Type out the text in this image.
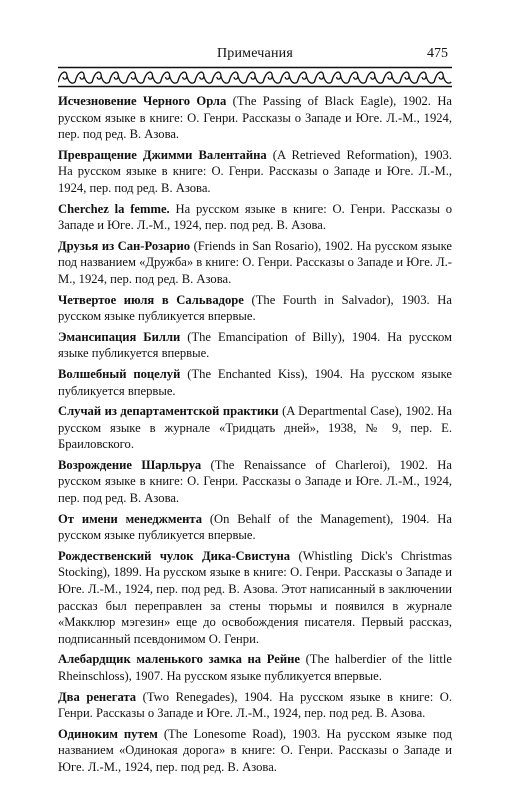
Примечания	475

Исчезновение Черного Орла (The Passing of Black Eagle), 1902. На русском языке в книге: О. Генри. Рассказы о Западе и Юге. Л.-М., 1924, пер. под ред. В. Азова.

Превращение Джимми Валентайна (A Retrieved Reformation), 1903. На русском языке в книге: О. Генри. Рассказы о Западе и Юге. Л.-М., 1924, пер. под ред. В. Азова.

Cherchez la femme. На русском языке в книге: О. Генри. Рассказы о Западе и Юге. Л.-М., 1924, пер. под ред. В. Азова.

Друзья из Сан-Розарио (Friends in San Rosario), 1902. На русском языке под названием «Дружба» в книге: О. Генри. Рассказы о Западе и Юге. Л.-М., 1924, пер. под ред. В. Азова.

Четвертое июля в Сальвадоре (The Fourth in Salvador), 1903. На русском языке публикуется впервые.

Эмансипация Билли (The Emancipation of Billy), 1904. На русском языке публикуется впервые.

Волшебный поцелуй (The Enchanted Kiss), 1904. На русском языке публикуется впервые.

Случай из департаментской практики (A Departmental Case), 1902. На русском языке в журнале «Тридцать дней», 1938, № 9, пер. Е. Браиловского.

Возрождение Шарльруа (The Renaissance of Charleroi), 1902. На русском языке в книге: О. Генри. Рассказы о Западе и Юге. Л.-М., 1924, пер. под ред. В. Азова.

От имени менеджмента (On Behalf of the Management), 1904. На русском языке публикуется впервые.

Рождественский чулок Дика-Свистуна (Whistling Dick's Christmas Stocking), 1899. На русском языке в книге: О. Генри. Рассказы о Западе и Юге. Л.-М., 1924, пер. под ред. В. Азова. Этот написанный в заключении рассказ был переправлен за стены тюрьмы и появился в журнале «Макклюр мэгезин» еще до освобождения писателя. Первый рассказ, подписанный псевдонимом О. Генри.

Алебардщик маленького замка на Рейне (The halberdier of the little Rheinschloss), 1907. На русском языке публикуется впервые.

Два ренегата (Two Renegades), 1904. На русском языке в книге: О. Генри. Рассказы о Западе и Юге. Л.-М., 1924, пер. под ред. В. Азова.

Одиноким путем (The Lonesome Road), 1903. На русском языке под названием «Одинокая дорога» в книге: О. Генри. Рассказы о Западе и Юге. Л.-М., 1924, пер. под ред. В. Азова.
